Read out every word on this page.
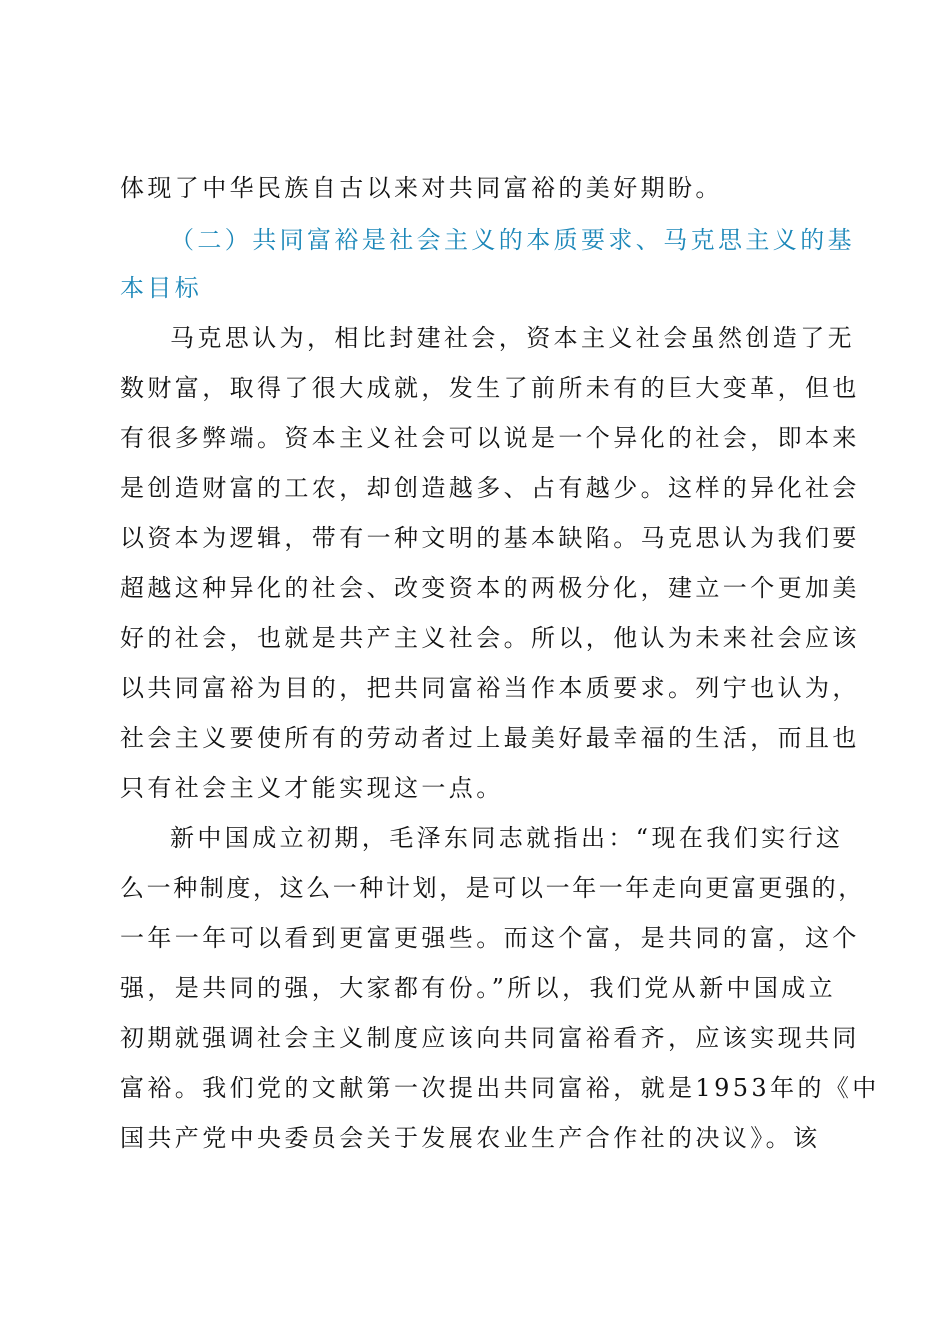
体现了中华民族自古以来对共同富裕的美好期盼。
（二）共同富裕是社会主义的本质要求、马克思主义的基
本目标
马克思认为，相比封建社会，资本主义社会虽然创造了无
数财富，取得了很大成就，发生了前所未有的巨大变革，但也
有很多弊端。资本主义社会可以说是一个异化的社会，即本来
是创造财富的工农，却创造越多、占有越少。这样的异化社会
以资本为逻辑，带有一种文明的基本缺陷。马克思认为我们要
超越这种异化的社会、改变资本的两极分化，建立一个更加美
好的社会，也就是共产主义社会。所以，他认为未来社会应该
以共同富裕为目的，把共同富裕当作本质要求。列宁也认为，
社会主义要使所有的劳动者过上最美好最幸福的生活，而且也
只有社会主义才能实现这一点。
新中国成立初期，毛泽东同志就指出：“现在我们实行这
么一种制度，这么一种计划，是可以一年一年走向更富更强的，
一年一年可以看到更富更强些。而这个富，是共同的富，这个
强，是共同的强，大家都有份。”所以，我们党从新中国成立
初期就强调社会主义制度应该向共同富裕看齐，应该实现共同
富裕。我们党的文献第一次提出共同富裕，就是1953年的《中
国共产党中央委员会关于发展农业生产合作社的决议》。该
